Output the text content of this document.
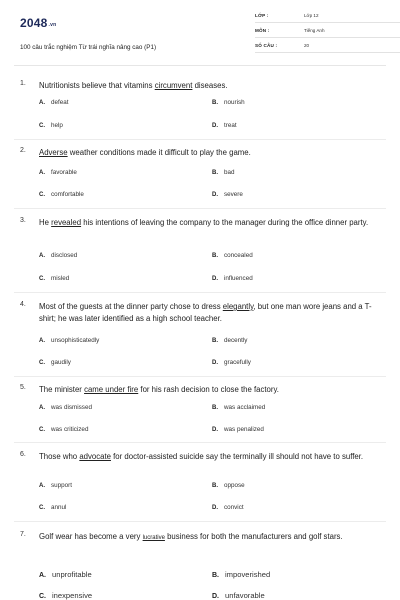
2048.vn
100 câu trắc nghiệm Từ trái nghĩa nâng cao (P1)
LỚP :	Lớp 12
MÔN :	Tiếng Anh
SỐ CÂU :	20
1. Nutritionists believe that vitamins circumvent diseases.
A. defeat	B. nourish
C. help	D. treat
2. Adverse weather conditions made it difficult to play the game.
A. favorable	B. bad
C. comfortable	D. severe
3. He revealed his intentions of leaving the company to the manager during the office dinner party.
A. disclosed	B. concealed
C. misled	D. influenced
4. Most of the guests at the dinner party chose to dress elegantly, but one man wore jeans and a T-shirt; he was later identified as a high school teacher.
A. unsophisticatedly	B. decently
C. gaudily	D. gracefully
5. The minister came under fire for his rash decision to close the factory.
A. was dismissed	B. was acclaimed
C. was criticized	D. was penalized
6. Those who advocate for doctor-assisted suicide say the terminally ill should not have to suffer.
A. support	B. oppose
C. annul	D. convict
7. Golf wear has become a very lucrative business for both the manufacturers and golf stars.
A. unprofitable	B. impoverished
C. inexpensive	D. unfavorable
